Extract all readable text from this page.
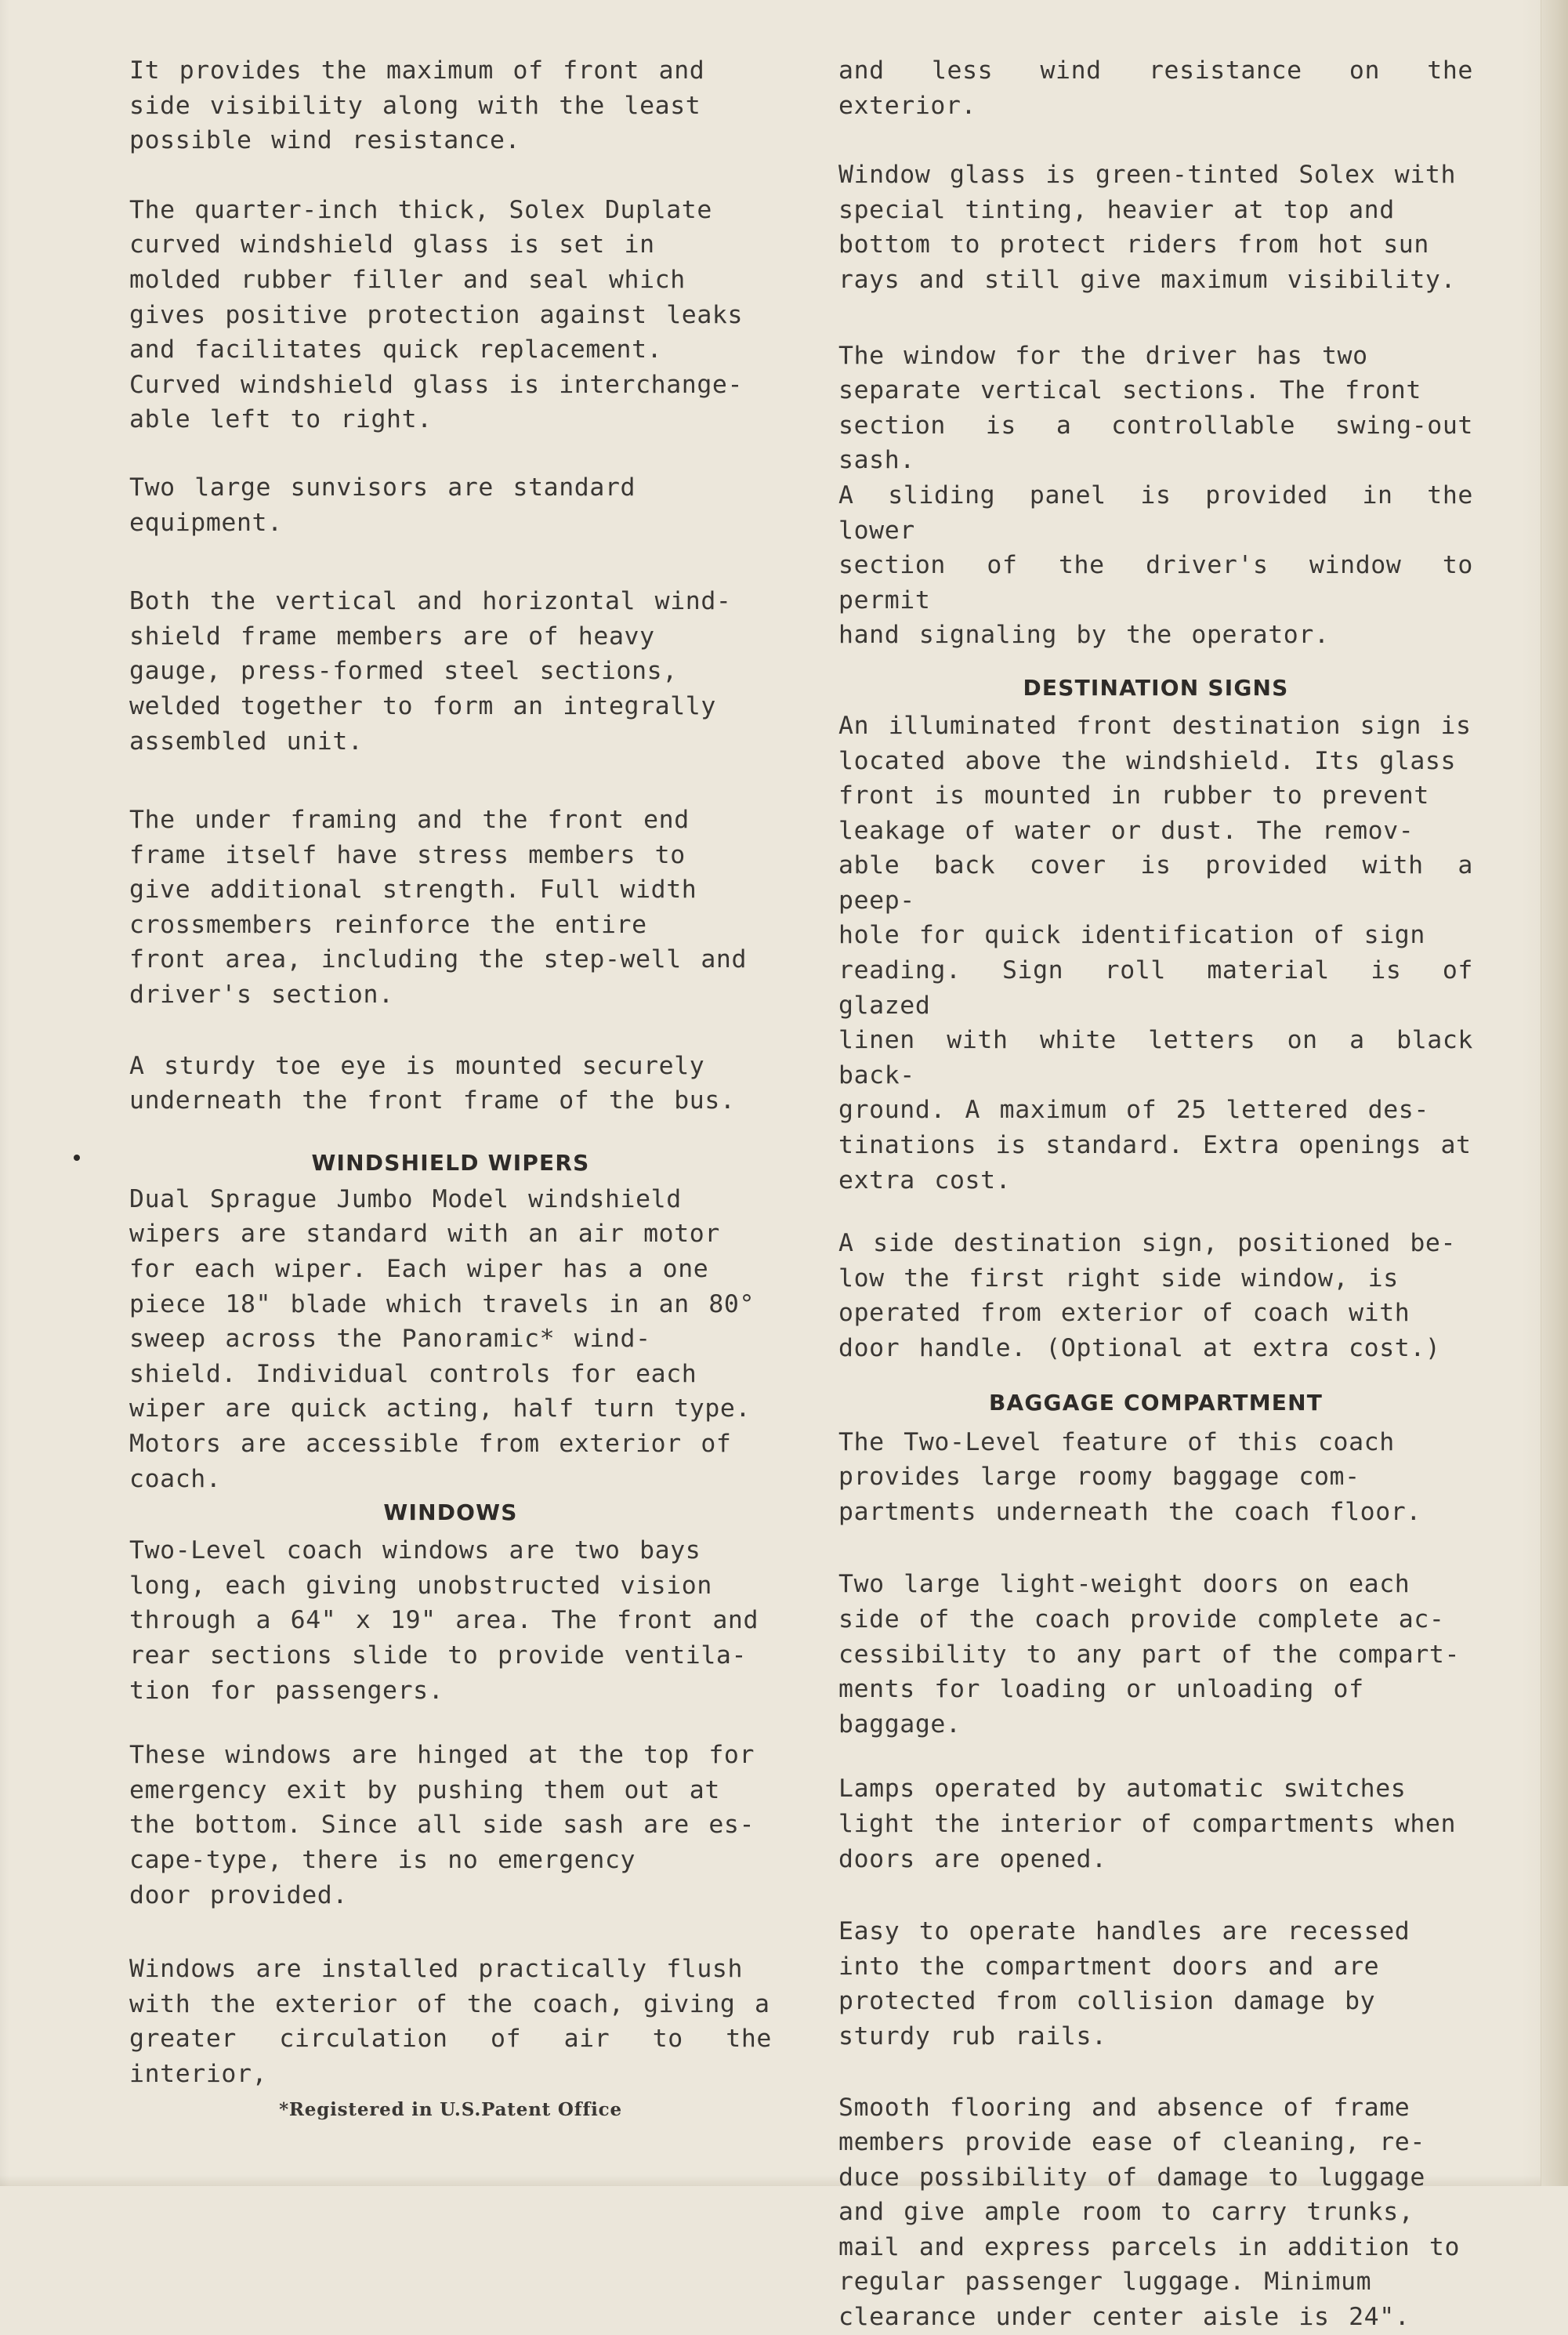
It provides the maximum of front and
side visibility along with the least
possible wind resistance.

The quarter-inch thick, Solex Duplate
curved windshield glass is set in
molded rubber filler and seal which
gives positive protection against leaks
and facilitates quick replacement.
Curved windshield glass is interchange-
able left to right.

Two large sunvisors are standard
equipment.

Both the vertical and horizontal wind-
shield frame members are of heavy
gauge, press-formed steel sections,
welded together to form an integrally
assembled unit.

The under framing and the front end
frame itself have stress members to
give additional strength. Full width
crossmembers reinforce the entire
front area, including the step-well and
driver's section.

A sturdy toe eye is mounted securely
underneath the front frame of the bus.

WINDSHIELD WIPERS

Dual Sprague Jumbo Model windshield
wipers are standard with an air motor
for each wiper. Each wiper has a one
piece 18" blade which travels in an 80°
sweep across the Panoramic* wind-
shield. Individual controls for each
wiper are quick acting, half turn type.
Motors are accessible from exterior of
coach.

WINDOWS

Two-Level coach windows are two bays
long, each giving unobstructed vision
through a 64" x 19" area. The front and
rear sections slide to provide ventila-
tion for passengers.

These windows are hinged at the top for
emergency exit by pushing them out at
the bottom. Since all side sash are es-
cape-type, there is no emergency
door provided.

Windows are installed practically flush
with the exterior of the coach, giving a
greater circulation of air to the interior,

and less wind resistance on the exterior.

Window glass is green-tinted Solex with
special tinting, heavier at top and
bottom to protect riders from hot sun
rays and still give maximum visibility.

The window for the driver has two
separate vertical sections. The front
section is a controllable swing-out sash.
A sliding panel is provided in the lower
section of the driver's window to permit
hand signaling by the operator.

DESTINATION SIGNS

An illuminated front destination sign is
located above the windshield. Its glass
front is mounted in rubber to prevent
leakage of water or dust. The remov-
able back cover is provided with a peep-
hole for quick identification of sign
reading. Sign roll material is of glazed
linen with white letters on a black back-
ground. A maximum of 25 lettered des-
tinations is standard. Extra openings at
extra cost.

A side destination sign, positioned be-
low the first right side window, is
operated from exterior of coach with
door handle. (Optional at extra cost.)

BAGGAGE COMPARTMENT

The Two-Level feature of this coach
provides large roomy baggage com-
partments underneath the coach floor.

Two large light-weight doors on each
side of the coach provide complete ac-
cessibility to any part of the compart-
ments for loading or unloading of
baggage.

Lamps operated by automatic switches
light the interior of compartments when
doors are opened.

Easy to operate handles are recessed
into the compartment doors and are
protected from collision damage by
sturdy rub rails.

Smooth flooring and absence of frame
members provide ease of cleaning, re-
duce possibility of damage to luggage
and give ample room to carry trunks,
mail and express parcels in addition to
regular passenger luggage. Minimum
clearance under center aisle is 24".

*Registered in U.S.Patent Office
